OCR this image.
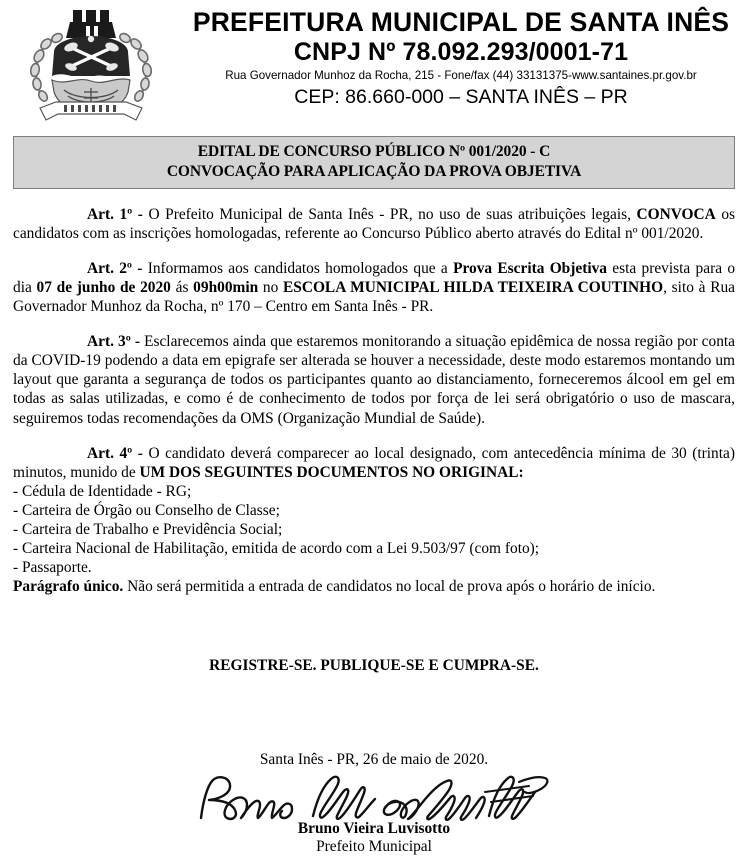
PREFEITURA MUNICIPAL DE SANTA INÊS
CNPJ Nº 78.092.293/0001-71
Rua Governador Munhoz da Rocha, 215 - Fone/fax (44) 33131375-www.santaines.pr.gov.br
CEP: 86.660-000 – SANTA INÊS – PR
EDITAL DE CONCURSO PÚBLICO Nº 001/2020 - C
CONVOCAÇÃO PARA APLICAÇÃO DA PROVA OBJETIVA

Art. 1º - O Prefeito Municipal de Santa Inês - PR, no uso de suas atribuições legais, CONVOCA os candidatos com as inscrições homologadas, referente ao Concurso Público aberto através do Edital nº 001/2020.

Art. 2º - Informamos aos candidatos homologados que a Prova Escrita Objetiva esta prevista para o dia 07 de junho de 2020 ás 09h00min no ESCOLA MUNICIPAL HILDA TEIXEIRA COUTINHO, sito à Rua Governador Munhoz da Rocha, nº 170 – Centro em Santa Inês - PR.

Art. 3º - Esclarecemos ainda que estaremos monitorando a situação epidêmica de nossa região por conta da COVID-19 podendo a data em epigrafe ser alterada se houver a necessidade, deste modo estaremos montando um layout que garanta a segurança de todos os participantes quanto ao distanciamento, forneceremos álcool em gel em todas as salas utilizadas, e como é de conhecimento de todos por força de lei será obrigatório o uso de mascara, seguiremos todas recomendações da OMS (Organização Mundial de Saúde).

Art. 4º - O candidato deverá comparecer ao local designado, com antecedência mínima de 30 (trinta) minutos, munido de UM DOS SEGUINTES DOCUMENTOS NO ORIGINAL:

- Cédula de Identidade - RG;
- Carteira de Órgão ou Conselho de Classe;
- Carteira de Trabalho e Previdência Social;
- Carteira Nacional de Habilitação, emitida de acordo com a Lei 9.503/97 (com foto);
- Passaporte.

Parágrafo único. Não será permitida a entrada de candidatos no local de prova após o horário de início.

REGISTRE-SE. PUBLIQUE-SE E CUMPRA-SE.
Santa Inês - PR, 26 de maio de 2020.
Bruno Vieira Luvisotto
Prefeito Municipal
